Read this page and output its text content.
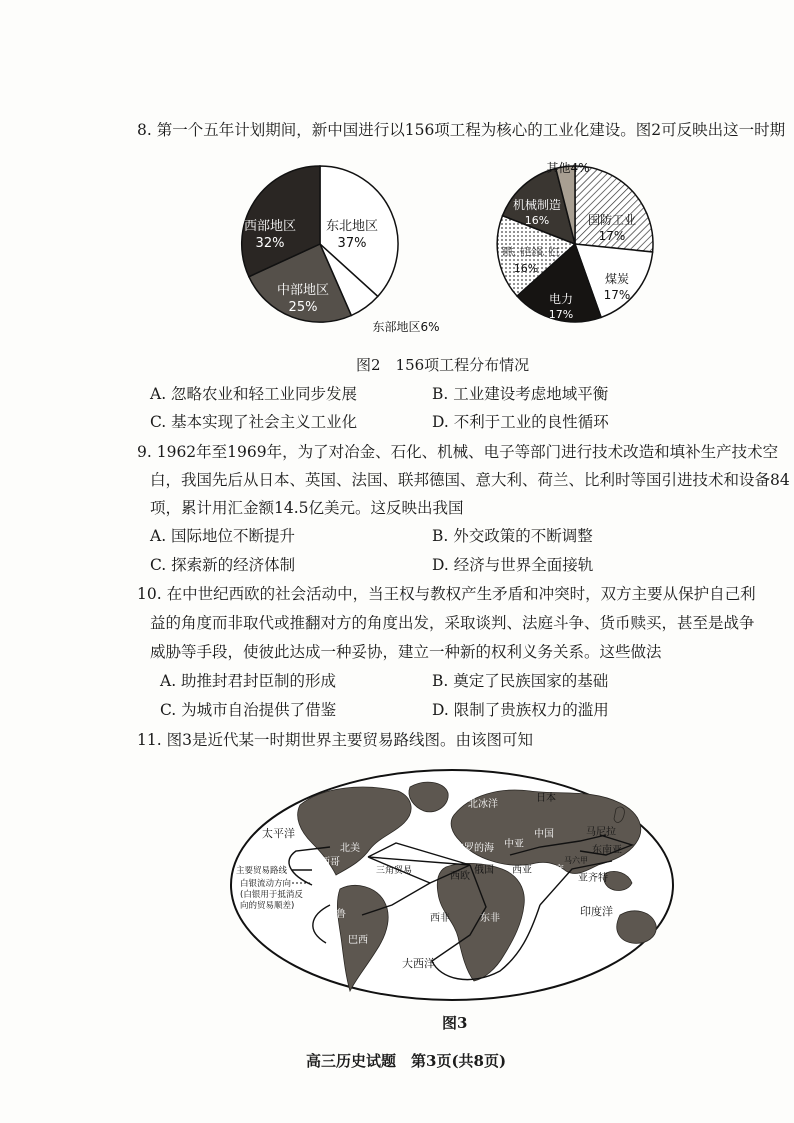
8. 第一个五年计划期间，新中国进行以156项工程为核心的工业化建设。图2可反映出这一时期
东北地区
37%
西部地区
32%
中部地区
25%
东部地区6%
国防工业
17%
煤炭
17%
电力
17%
钢铁、有色金属、化工
16%
机械制造
16%
其他4%
图2　156项工程分布情况
A. 忽略农业和轻工业同步发展	B. 工业建设考虑地域平衡
C. 基本实现了社会主义工业化	D. 不利于工业的良性循环
9. 1962年至1969年，为了对冶金、石化、机械、电子等部门进行技术改造和填补生产技术空
白，我国先后从日本、英国、法国、联邦德国、意大利、荷兰、比利时等国引进技术和设备84
项，累计用汇金额14.5亿美元。这反映出我国
A. 国际地位不断提升	B. 外交政策的不断调整
C. 探索新的经济体制	D. 经济与世界全面接轨
10. 在中世纪西欧的社会活动中，当王权与教权产生矛盾和冲突时，双方主要从保护自己利
益的角度而非取代或推翻对方的角度出发，采取谈判、法庭斗争、货币赎买，甚至是战争
威胁等手段，使彼此达成一种妥协，建立一种新的权利义务关系。这些做法
A. 助推封君封臣制的形成	B. 奠定了民族国家的基础
C. 为城市自治提供了借鉴	D. 限制了贵族权力的滥用
11. 图3是近代某一时期世界主要贸易路线图。由该图可知
太平洋
北冰洋
日本
马尼拉
中国
东南亚
北美
墨西哥
三角贸易
波罗的海
西欧
俄国
中亚
西亚 印度
马六甲
亚齐特
西非	东非
秘鲁
巴西
大西洋
印度洋
主要贸易路线
白银流动方向
(白银用于抵消反
向的贸易顺差)
图3
高三历史试题　第3页(共8页)
